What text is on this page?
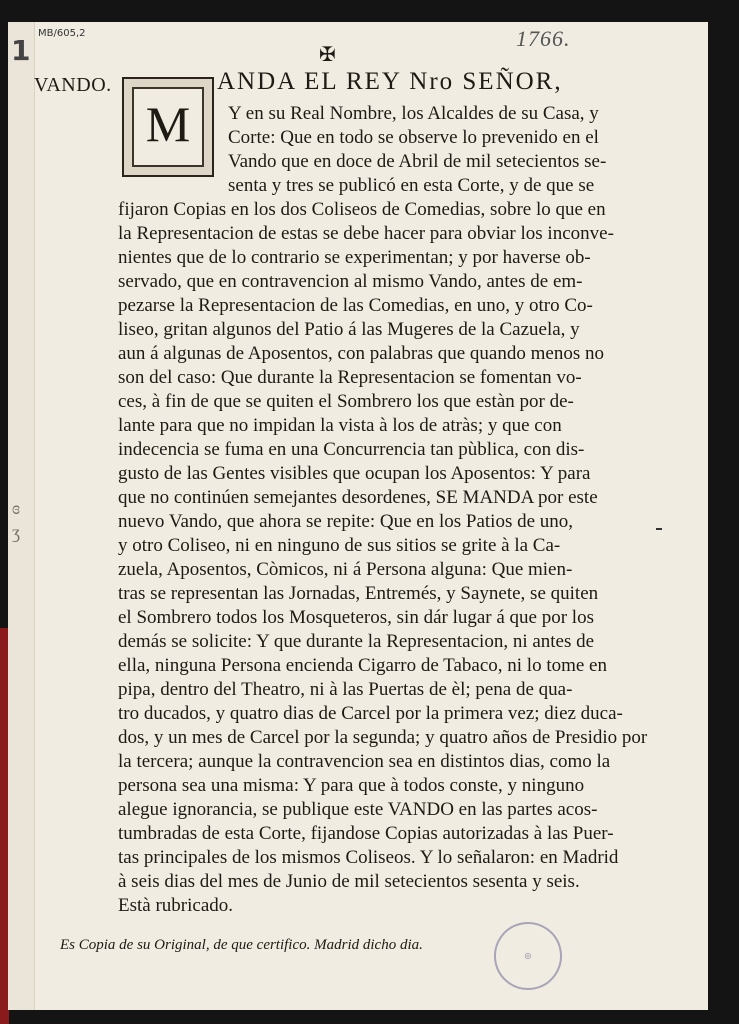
1
MB/605,2	1766.
ɞ
ʒ
✠
VANDO.
M
ANDA EL REY Nro SEÑOR,
Y en su Real Nombre, los Alcaldes de su Casa, y
Corte: Que en todo se observe lo prevenido en el
Vando que en doce de Abril de mil setecientos se-
senta y tres se publicó en esta Corte, y de que se
fijaron Copias en los dos Coliseos de Comedias, sobre lo que en
la Representacion de estas se debe hacer para obviar los inconve-
nientes que de lo contrario se experimentan; y por haverse ob-
servado, que en contravencion al mismo Vando, antes de em-
pezarse la Representacion de las Comedias, en uno, y otro Co-
liseo, gritan algunos del Patio á las Mugeres de la Cazuela, y
aun á algunas de Aposentos, con palabras que quando menos no
son del caso: Que durante la Representacion se fomentan vo-
ces, à fin de que se quiten el Sombrero los que estàn por de-
lante para que no impidan la vista à los de atràs; y que con
indecencia se fuma en una Concurrencia tan pùblica, con dis-
gusto de las Gentes visibles que ocupan los Aposentos: Y para
que no continúen semejantes desordenes, SE MANDA por este
nuevo Vando, que ahora se repite: Que en los Patios de uno,
y otro Coliseo, ni en ninguno de sus sitios se grite à la Ca-
zuela, Aposentos, Còmicos, ni á Persona alguna: Que mien-
tras se representan las Jornadas, Entremés, y Saynete, se quiten
el Sombrero todos los Mosqueteros, sin dár lugar á que por los
demás se solicite: Y que durante la Representacion, ni antes de
ella, ninguna Persona encienda Cigarro de Tabaco, ni lo tome en
pipa, dentro del Theatro, ni à las Puertas de èl; pena de qua-
tro ducados, y quatro dias de Carcel por la primera vez; diez duca-
dos, y un mes de Carcel por la segunda; y quatro años de Presidio por
la tercera; aunque la contravencion sea en distintos dias, como la
persona sea una misma: Y para que à todos conste, y ninguno
alegue ignorancia, se publique este VANDO en las partes acos-
tumbradas de esta Corte, fijandose Copias autorizadas à las Puer-
tas principales de los mismos Coliseos. Y lo señalaron: en Madrid
à seis dias del mes de Junio de mil setecientos sesenta y seis.
Està rubricado.
Es Copia de su Original, de que certifico. Madrid dicho dia.
◎
